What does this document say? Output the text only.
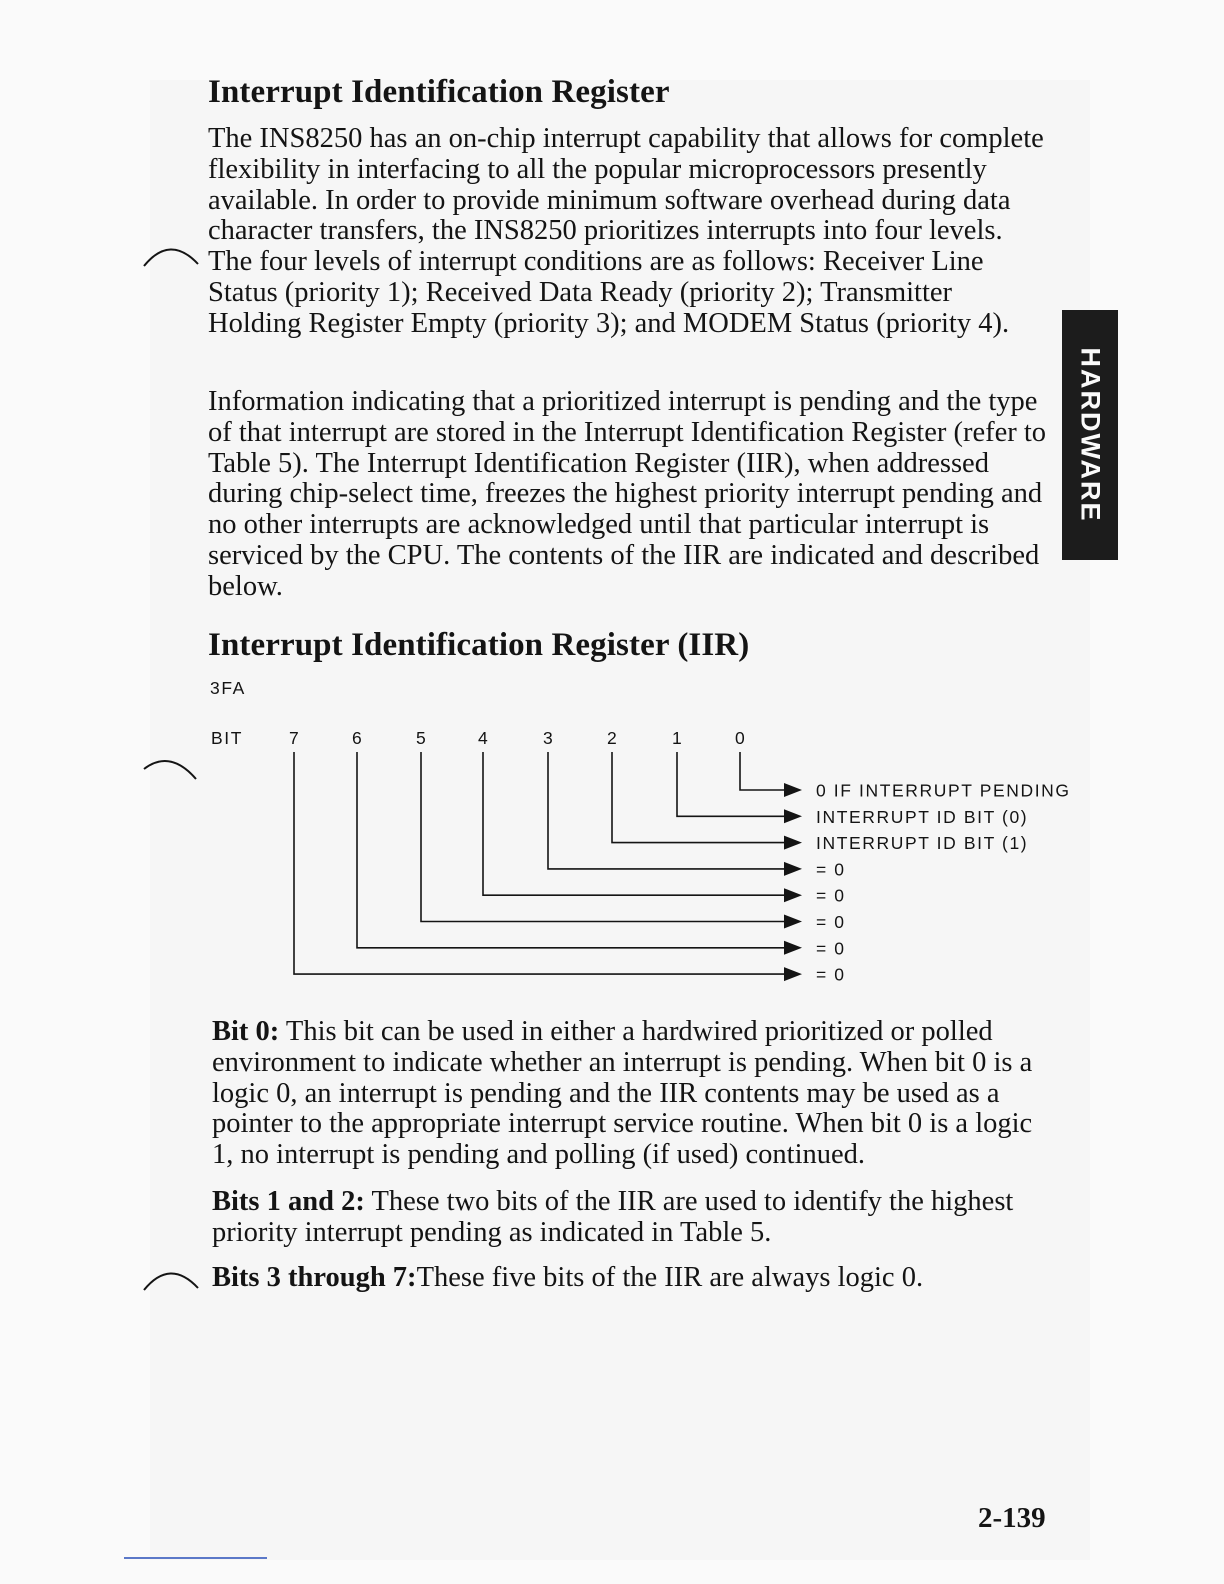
Interrupt Identification Register

The INS8250 has an on-chip interrupt capability that allows for complete flexibility in interfacing to all the popular microprocessors presently available. In order to provide minimum software overhead during data character transfers, the INS8250 prioritizes interrupts into four levels. The four levels of interrupt conditions are as follows: Receiver Line Status (priority 1); Received Data Ready (priority 2); Transmitter Holding Register Empty (priority 3); and MODEM Status (priority 4).

Information indicating that a prioritized interrupt is pending and the type of that interrupt are stored in the Interrupt Identification Register (refer to Table 5). The Interrupt Identification Register (IIR), when addressed during chip-select time, freezes the highest priority interrupt pending and no other interrupts are acknowledged until that particular interrupt is serviced by the CPU. The contents of the IIR are indicated and described below.

Interrupt Identification Register (IIR)
3FA
BIT	7	6	5	4	3	2	1	0
0 IF INTERRUPT PENDING
INTERRUPT ID BIT (0)
INTERRUPT ID BIT (1)
= 0
= 0
= 0
= 0
= 0

Bit 0: This bit can be used in either a hardwired prioritized or polled environment to indicate whether an interrupt is pending. When bit 0 is a logic 0, an interrupt is pending and the IIR contents may be used as a pointer to the appropriate interrupt service routine. When bit 0 is a logic 1, no interrupt is pending and polling (if used) continued.

Bits 1 and 2: These two bits of the IIR are used to identify the highest priority interrupt pending as indicated in Table 5.

Bits 3 through 7:These five bits of the IIR are always logic 0.

HARDWARE
2-139
